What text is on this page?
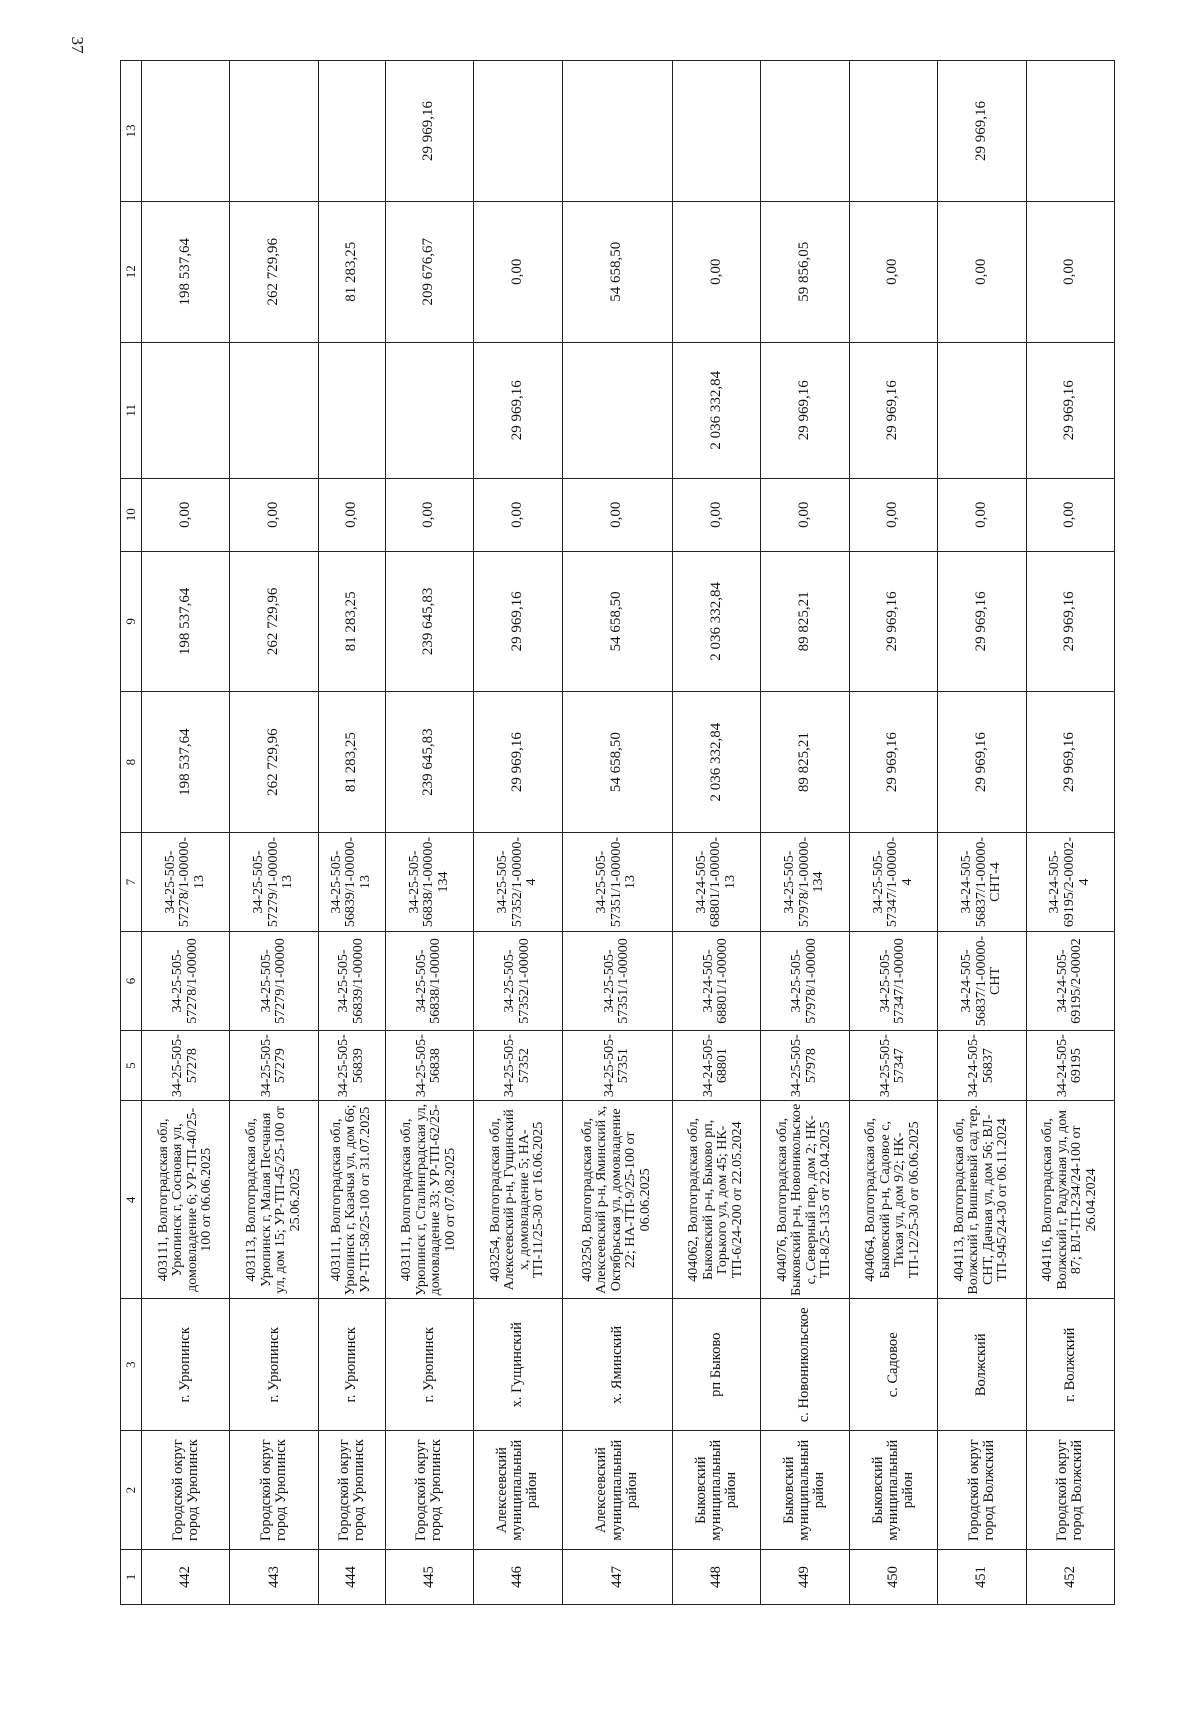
37
1	2	3	4	5	6	7	8	9	10	11	12	13
442	Городской округ город Урюпинск	г. Урюпинск	403111, Волгоградская обл, Урюпинск г, Сосновая ул, домовладение 6; УР-ТП-40/25-100 от 06.06.2025	34-25-505-57278	34-25-505-57278/1-00000	34-25-505-57278/1-00000-13	198 537,64	198 537,64	0,00		198 537,64	
443	Городской округ город Урюпинск	г. Урюпинск	403113, Волгоградская обл, Урюпинск г, Малая Песчаная ул, дом 15; УР-ТП-45/25-100 от 25.06.2025	34-25-505-57279	34-25-505-57279/1-00000	34-25-505-57279/1-00000-13	262 729,96	262 729,96	0,00		262 729,96	
444	Городской округ город Урюпинск	г. Урюпинск	403111, Волгоградская обл, Урюпинск г, Казачья ул, дом 66; УР-ТП-58/25-100 от 31.07.2025	34-25-505-56839	34-25-505-56839/1-00000	34-25-505-56839/1-00000-13	81 283,25	81 283,25	0,00		81 283,25	
445	Городской округ город Урюпинск	г. Урюпинск	403111, Волгоградская обл, Урюпинск г, Сталинградская ул, домовладение 33; УР-ТП-62/25-100 от 07.08.2025	34-25-505-56838	34-25-505-56838/1-00000	34-25-505-56838/1-00000-134	239 645,83	239 645,83	0,00		209 676,67	29 969,16
446	Алексеевский муниципальный район	х. Гущинский	403254, Волгоградская обл, Алексеевский р-н, Гущинский х, домовладение 5; НА-ТП-11/25-30 от 16.06.2025	34-25-505-57352	34-25-505-57352/1-00000	34-25-505-57352/1-00000-4	29 969,16	29 969,16	0,00	29 969,16	0,00	
447	Алексеевский муниципальный район	х. Яминский	403250, Волгоградская обл, Алексеевский р-н, Яминский х, Октябрьская ул, домовладение 22; НА-ТП-9/25-100 от 06.06.2025	34-25-505-57351	34-25-505-57351/1-00000	34-25-505-57351/1-00000-13	54 658,50	54 658,50	0,00		54 658,50	
448	Быковский муниципальный район	рп Быково	404062, Волгоградская обл, Быковский р-н, Быково рп, Горького ул, дом 45; НК-ТП-6/24-200 от 22.05.2024	34-24-505-68801	34-24-505-68801/1-00000	34-24-505-68801/1-00000-13	2 036 332,84	2 036 332,84	0,00	2 036 332,84	0,00	
449	Быковский муниципальный район	с. Новоникольское	404076, Волгоградская обл, Быковский р-н, Новоникольское с, Северный пер, дом 2; НК-ТП-8/25-135 от 22.04.2025	34-25-505-57978	34-25-505-57978/1-00000	34-25-505-57978/1-00000-134	89 825,21	89 825,21	0,00	29 969,16	59 856,05	
450	Быковский муниципальный район	с. Садовое	404064, Волгоградская обл, Быковский р-н, Садовое с, Тихая ул, дом 9/2; НК-ТП-12/25-30 от 06.06.2025	34-25-505-57347	34-25-505-57347/1-00000	34-25-505-57347/1-00000-4	29 969,16	29 969,16	0,00	29 969,16	0,00	
451	Городской округ город Волжский	Волжский	404113, Волгоградская обл, Волжский г, Вишневый сад тер. СНТ, Дачная ул, дом 56; ВЛ-ТП-945/24-30 от 06.11.2024	34-24-505-56837	34-24-505-56837/1-00000-СНТ	34-24-505-56837/1-00000-СНТ-4	29 969,16	29 969,16	0,00		0,00	29 969,16
452	Городской округ город Волжский	г. Волжский	404116, Волгоградская обл, Волжский г, Радужная ул, дом 87; ВЛ-ТП-234/24-100 от 26.04.2024	34-24-505-69195	34-24-505-69195/2-00002	34-24-505-69195/2-00002-4	29 969,16	29 969,16	0,00	29 969,16	0,00	
